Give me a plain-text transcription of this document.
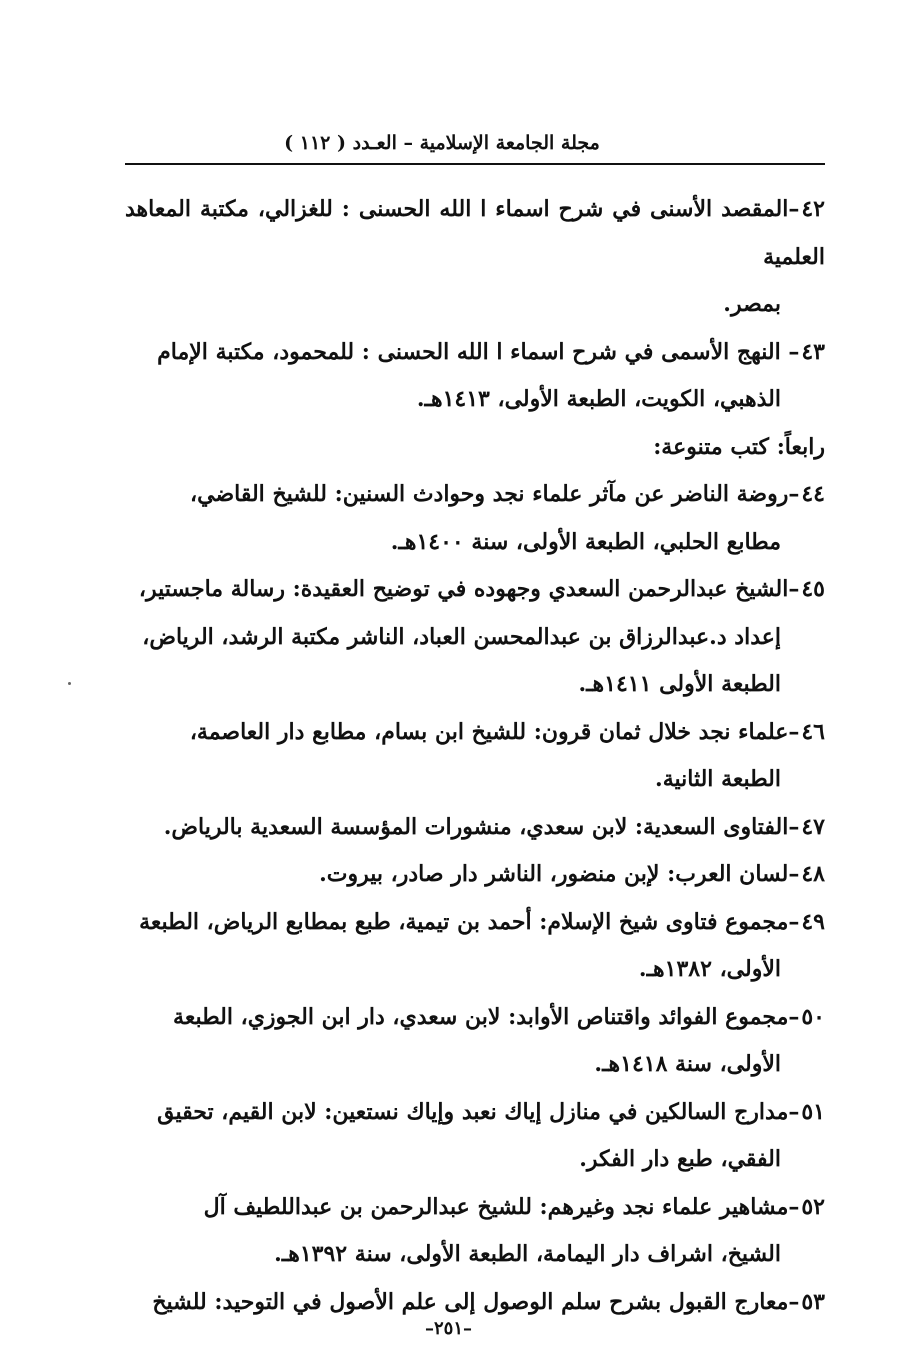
مجلة الجامعة الإسلامية – العـدد ( ١١٢ )

٤٢–المقصد الأسنى في شرح اسماء ا الله الحسنى : للغزالي، مكتبة المعاهد العلمية
بمصر.

٤٣– النهج الأسمى في شرح اسماء ا الله الحسنى : للمحمود، مكتبة الإمام
الذهبي، الكويت، الطبعة الأولى، ١٤١٣هـ.

رابعاً: كتب متنوعة:

٤٤–روضة الناضر عن مآثر علماء نجد وحوادث السنين: للشيخ القاضي،
مطابع الحلبي، الطبعة الأولى، سنة ١٤٠٠هـ.

٤٥–الشيخ عبدالرحمن السعدي وجهوده في توضيح العقيدة: رسالة ماجستير،
إعداد د.عبدالرزاق بن عبدالمحسن العباد، الناشر مكتبة الرشد، الرياض،
الطبعة الأولى ١٤١١هـ.

٤٦–علماء نجد خلال ثمان قرون: للشيخ ابن بسام، مطابع دار العاصمة،
الطبعة الثانية.

٤٧–الفتاوى السعدية: لابن سعدي، منشورات المؤسسة السعدية بالرياض.

٤٨–لسان العرب: لإبن منضور، الناشر دار صادر، بيروت.

٤٩–مجموع فتاوى شيخ الإسلام: أحمد بن تيمية، طبع بمطابع الرياض، الطبعة
الأولى، ١٣٨٢هـ.

٥٠–مجموع الفوائد واقتناص الأوابد: لابن سعدي، دار ابن الجوزي، الطبعة
الأولى، سنة ١٤١٨هـ.

٥١–مدارج السالكين في منازل إياك نعبد وإياك نستعين: لابن القيم، تحقيق
الفقي، طبع دار الفكر.

٥٢–مشاهير علماء نجد وغيرهم: للشيخ عبدالرحمن بن عبداللطيف آل
الشيخ، اشراف دار اليمامة، الطبعة الأولى، سنة ١٣٩٢هـ.

٥٣–معارج القبول بشرح سلم الوصول إلى علم الأصول في التوحيد: للشيخ

–٢٥١–
